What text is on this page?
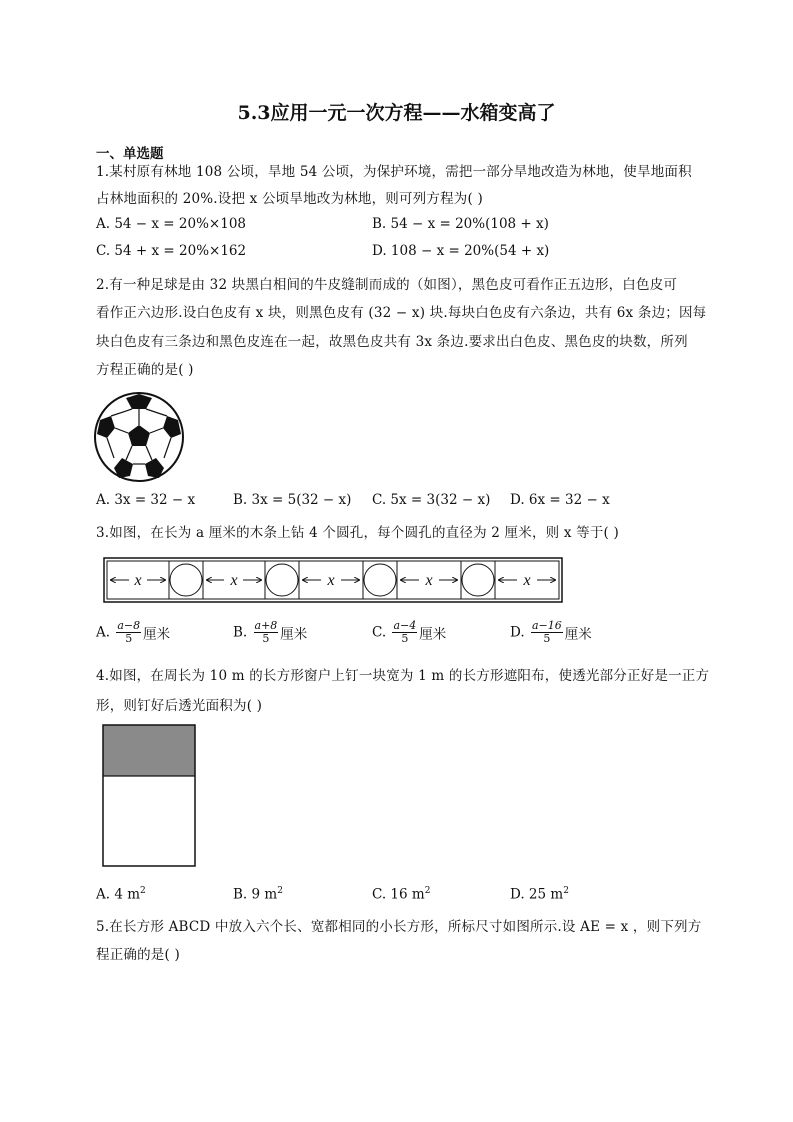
5.3应用一元一次方程——水箱变高了
一、单选题
1.某村原有林地 108 公顷，旱地 54 公顷，为保护环境，需把一部分旱地改造为林地，使旱地面积
占林地面积的 20%.设把 x 公顷旱地改为林地，则可列方程为( )
A. 54 − x = 20%×108	B. 54 − x = 20%(108 + x)
C. 54 + x = 20%×162	D. 108 − x = 20%(54 + x)
2.有一种足球是由 32 块黑白相间的牛皮缝制而成的（如图），黑色皮可看作正五边形，白色皮可
看作正六边形.设白色皮有 x 块，则黑色皮有 (32 − x) 块.每块白色皮有六条边，共有 6x 条边；因每
块白色皮有三条边和黑色皮连在一起，故黑色皮共有 3x 条边.要求出白色皮、黑色皮的块数，所列
方程正确的是( )
A. 3x = 32 − x	B. 3x = 5(32 − x) C. 5x = 3(32 − x) D. 6x = 32 − x
3.如图，在长为 a 厘米的木条上钻 4 个圆孔，每个圆孔的直径为 2 厘米，则 x 等于( )
x	x	x	x	x
A. $\frac{a-8}{5}$ 厘米	B. $\frac{a+8}{5}$ 厘米	C. $\frac{a-4}{5}$ 厘米	D. $\frac{a-16}{5}$ 厘米
4.如图，在周长为 10 m 的长方形窗户上钉一块宽为 1 m 的长方形遮阳布，使透光部分正好是一正方
形，则钉好后透光面积为( )
A. 4 $m^2$	B. 9 $m^2$	C. 16 $m^2$	D. 25 $m^2$
5.在长方形 ABCD 中放入六个长、宽都相同的小长方形，所标尺寸如图所示.设 AE = x ，则下列方
程正确的是( )
